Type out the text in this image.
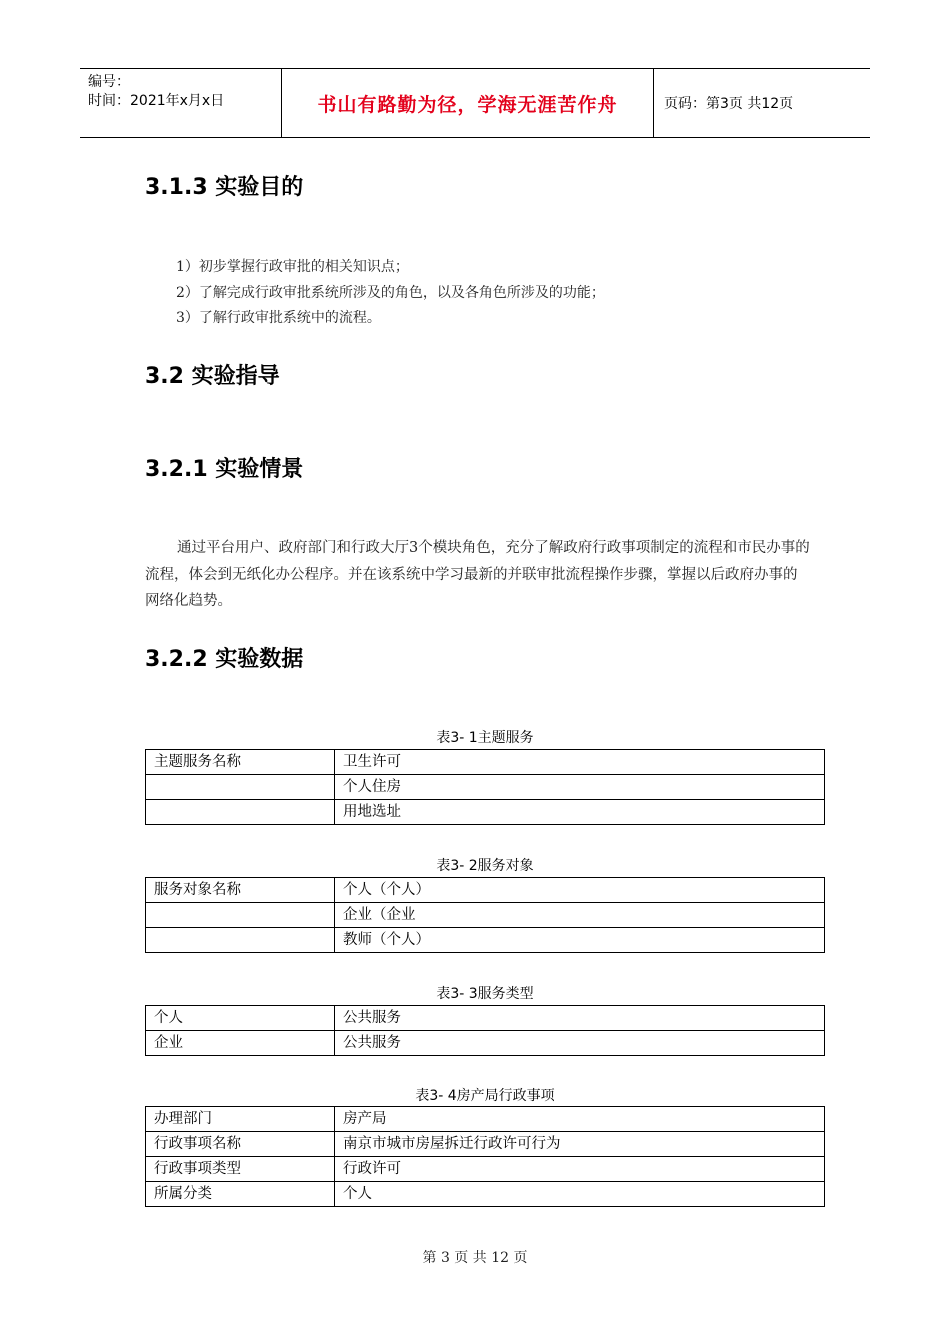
编号：
时间：2021年x月x日	书山有路勤为径，学海无涯苦作舟	页码：第3页 共12页
3.1.3 实验目的
1）初步掌握行政审批的相关知识点；
2）了解完成行政审批系统所涉及的角色，以及各角色所涉及的功能；
3）了解行政审批系统中的流程。
3.2 实验指导
3.2.1 实验情景
通过平台用户、政府部门和行政大厅3个模块角色，充分了解政府行政事项制定的流程和市民办事的流程，体会到无纸化办公程序。并在该系统中学习最新的并联审批流程操作步骤，掌握以后政府办事的网络化趋势。
3.2.2 实验数据
表3- 1主题服务
主题服务名称	卫生许可
	个人住房
	用地选址
表3- 2服务对象
服务对象名称	个人（个人）
	企业（企业
	教师（个人）
表3- 3服务类型
个人	公共服务
企业	公共服务
表3- 4房产局行政事项
办理部门	房产局
行政事项名称	南京市城市房屋拆迁行政许可行为
行政事项类型	行政许可
所属分类	个人
第 3 页 共 12 页
